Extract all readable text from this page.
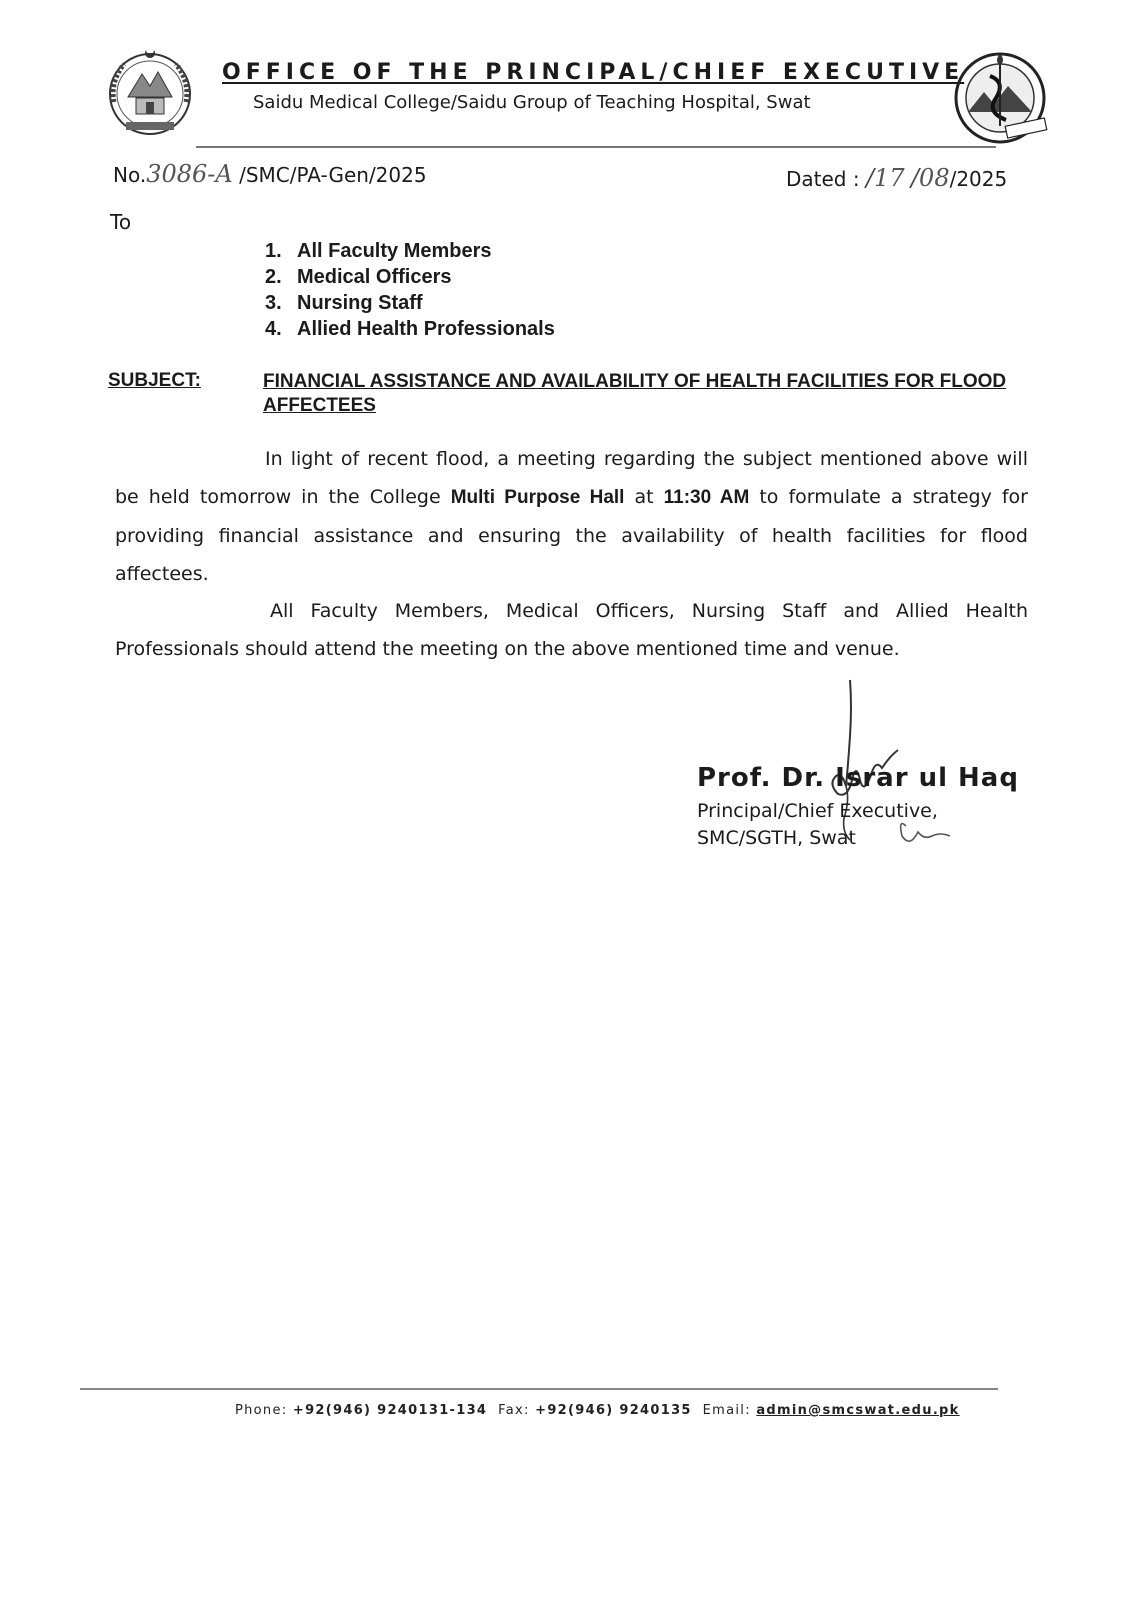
OFFICE OF THE PRINCIPAL/CHIEF EXECUTIVE
Saidu Medical College/Saidu Group of Teaching Hospital, Swat
No.3086-A /SMC/PA-Gen/2025	Dated : /17 /08/2025
To
1. All Faculty Members
2. Medical Officers
3. Nursing Staff
4. Allied Health Professionals
SUBJECT:	FINANCIAL ASSISTANCE AND AVAILABILITY OF HEALTH FACILITIES FOR FLOOD AFFECTEES
In light of recent flood, a meeting regarding the subject mentioned above will be held tomorrow in the College Multi Purpose Hall at 11:30 AM to formulate a strategy for providing financial assistance and ensuring the availability of health facilities for flood affectees.
All Faculty Members, Medical Officers, Nursing Staff and Allied Health Professionals should attend the meeting on the above mentioned time and venue.
Prof. Dr. Israr ul Haq
Principal/Chief Executive,
SMC/SGTH, Swat
Phone: +92(946) 9240131-134 Fax: +92(946) 9240135 Email: admin@smcswat.edu.pk
